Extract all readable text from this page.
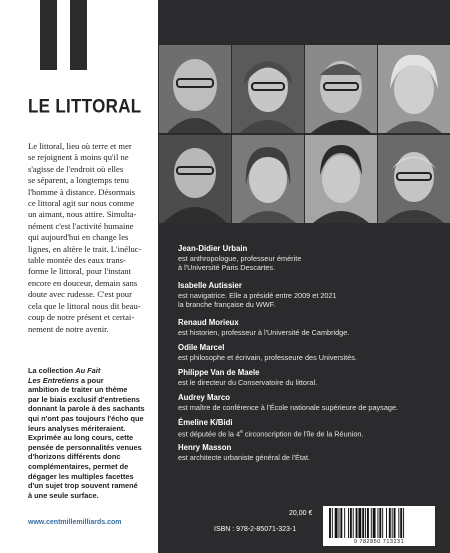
LE LITTORAL

Le littoral, lieu où terre et mer

se rejoignent à moins qu'il ne

s'agisse de l'endroit où elles

se séparent, a longtemps tenu

l'homme à distance. Désormais

ce littoral agit sur nous comme

un aimant, nous attire. Simulta-

nément c'est l'activité humaine

qui aujourd'hui en change les

lignes, en altère le trait. L'inéluc-

table montée des eaux trans-

forme le littoral, pour l'instant

encore en douceur, demain sans

doute avec rudesse. C'est pour

cela que le littoral nous dit beau-

coup de notre présent et certai-

nement de notre avenir.

La collection Au Fait
Les Entretiens a pour
ambition de traiter un thème
par le biais exclusif d'entretiens
donnant la parole à des sachants
qui n'ont pas toujours l'écho que
leurs analyses mériteraient.
Exprimée au long cours, cette
pensée de personnalités venues
d'horizons différents donc
complémentaires, permet de
dégager les multiples facettes
d'un sujet trop souvent ramené
à une seule surface.
www.centmillemilliards.com
Jean-Didier Urbain
est anthropologue, professeur émérite
à l'Université Paris Descartes.
Isabelle Autissier
est navigatrice. Elle a présidé entre 2009 et 2021
la branche française du WWF.
Renaud Morieux
est historien, professeur à l'Université de Cambridge.
Odile Marcel
est philosophe et écrivain, professeure des Universités.
Philippe Van de Maele
est le directeur du Conservatoire du littoral.
Audrey Marco
est maître de conférence à l'École nationale supérieure de paysage.
Émeline K/Bidi
est députée de la 4e circonscription de l'île de la Réunion.
Henry Masson
est architecte urbaniste général de l'État.
20,00 €
ISBN : 978-2-85071-323-1
9 782850 713231
